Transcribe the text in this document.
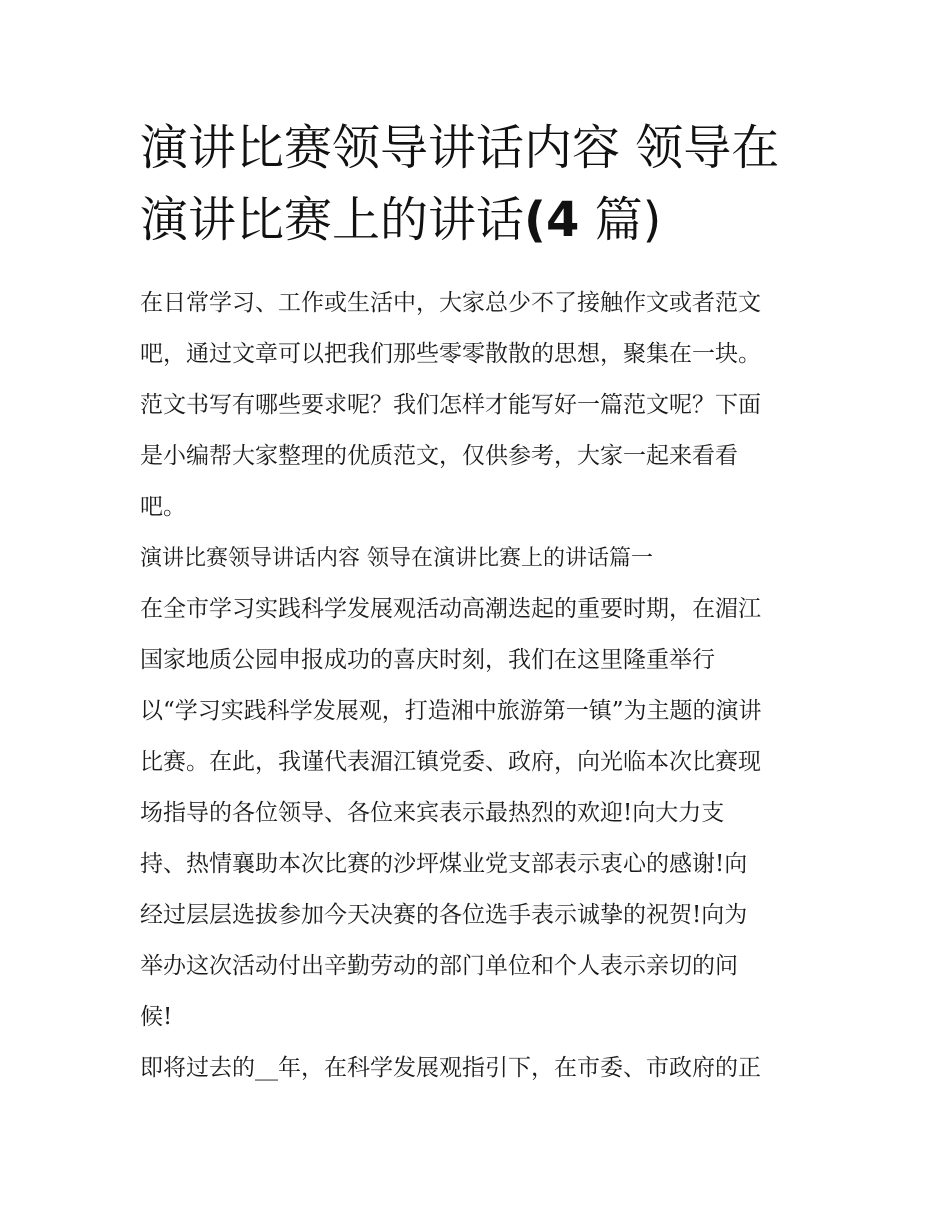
演讲比赛领导讲话内容 领导在
演讲比赛上的讲话(4 篇)

在日常学习、工作或生活中，大家总少不了接触作文或者范文
吧，通过文章可以把我们那些零零散散的思想，聚集在一块。
范文书写有哪些要求呢？我们怎样才能写好一篇范文呢？下面
是小编帮大家整理的优质范文，仅供参考，大家一起来看看
吧。

演讲比赛领导讲话内容 领导在演讲比赛上的讲话篇一

在全市学习实践科学发展观活动高潮迭起的重要时期，在湄江
国家地质公园申报成功的喜庆时刻，我们在这里隆重举行
以“学习实践科学发展观，打造湘中旅游第一镇”为主题的演讲
比赛。在此，我谨代表湄江镇党委、政府，向光临本次比赛现
场指导的各位领导、各位来宾表示最热烈的欢迎!向大力支
持、热情襄助本次比赛的沙坪煤业党支部表示衷心的感谢!向
经过层层选拔参加今天决赛的各位选手表示诚挚的祝贺!向为
举办这次活动付出辛勤劳动的部门单位和个人表示亲切的问
候!

即将过去的__年，在科学发展观指引下，在市委、市政府的正
